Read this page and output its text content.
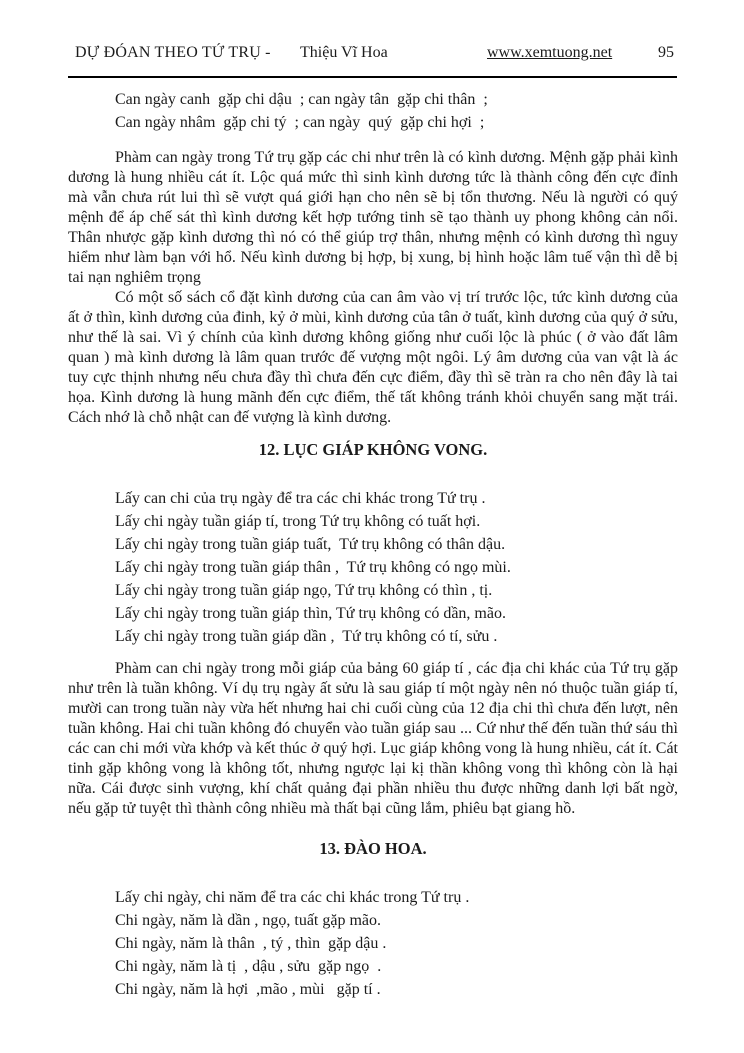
DỰ ĐÓAN THEO TỨ TRỤ - Thiệu Vĩ Hoa	www.xemtuong.net	95

Can ngày canh  gặp chi dậu  ; can ngày tân  gặp chi thân  ;

Can ngày nhâm  gặp chi tý  ; can ngày  quý  gặp chi hợi  ;

Phàm can ngày trong Tứ trụ gặp các chi như trên là có kình dương. Mệnh gặp phải kình dương là hung nhiều cát ít. Lộc quá mức thì sinh kình dương tức là thành công đến cực đỉnh mà vẫn chưa rút lui thì sẽ vượt quá giới hạn cho nên sẽ bị tổn thương. Nếu là người có quý mệnh để áp chế sát thì kình dương kết hợp tướng tinh sẽ tạo thành uy phong không cản nổi. Thân nhược gặp kình dương thì nó có thể giúp trợ thân, nhưng mệnh có kình dương thì nguy hiểm như làm bạn với hổ. Nếu kình dương bị hợp, bị xung, bị hình hoặc lâm tuế vận thì dễ bị tai nạn nghiêm trọng

Có một số sách cổ đặt kình dương của can âm vào vị trí trước lộc, tức kình dương của ất ở thìn, kình dương của đinh, kỷ ở mùi, kình dương của tân ở tuất, kình dương của quý ở sửu, như thế là sai. Vì ý chính của kình dương không giống như cuối lộc là phúc ( ở vào đất lâm quan ) mà kình dương là lâm quan trước đế vượng một ngôi. Lý âm dương của van vật là ác tuy cực thịnh nhưng nếu chưa đầy thì chưa đến cực điểm, đầy thì sẽ tràn ra cho nên đây là tai họa. Kình dương là hung mãnh đến cực điểm, thế tất không tránh khỏi chuyển sang mặt trái. Cách nhớ là chỗ nhật can đế vượng là kình dương.

12. LỤC GIÁP KHÔNG VONG.

Lấy can chi của trụ ngày để tra các chi khác trong Tứ trụ .

Lấy chi ngày tuần giáp tí, trong Tứ trụ không có tuất hợi.

Lấy chi ngày trong tuần giáp tuất,  Tứ trụ không có thân dậu.

Lấy chi ngày trong tuần giáp thân ,  Tứ trụ không có ngọ mùi.

Lấy chi ngày trong tuần giáp ngọ, Tứ trụ không có thìn , tị.

Lấy chi ngày trong tuần giáp thìn, Tứ trụ không có dần, mão.

Lấy chi ngày trong tuần giáp dần ,  Tứ trụ không có tí, sửu .

Phàm can chi ngày trong mỗi giáp của bảng 60 giáp tí , các địa chi khác của Tứ trụ gặp như trên là tuần không. Ví dụ trụ ngày ất sửu là sau giáp tí một ngày nên nó thuộc tuần giáp tí, mười can trong tuần này vừa hết nhưng hai chi cuối cùng của 12 địa chi thì chưa đến lượt, nên tuần không. Hai chi tuần không đó chuyển vào tuần giáp sau ... Cứ như thế đến tuần thứ sáu thì các can chi mới vừa khớp và kết thúc ở quý hợi. Lục giáp không vong là hung nhiều, cát ít. Cát tinh gặp không vong là không tốt, nhưng ngược lại kị thần không vong thì không còn là hại nữa. Cái được sinh vượng, khí chất quảng đại phần nhiều thu được những danh lợi bất ngờ, nếu gặp tử tuyệt thì thành công nhiều mà thất bại cũng lắm, phiêu bạt giang hồ.

13. ĐÀO HOA.

Lấy chi ngày, chi năm để tra các chi khác trong Tứ trụ .

Chi ngày, năm là dần , ngọ, tuất gặp mão.

Chi ngày, năm là thân  , tý , thìn  gặp dậu .

Chi ngày, năm là tị  , dậu , sửu  gặp ngọ  .

Chi ngày, năm là hợi  ,mão , mùi   gặp tí .
